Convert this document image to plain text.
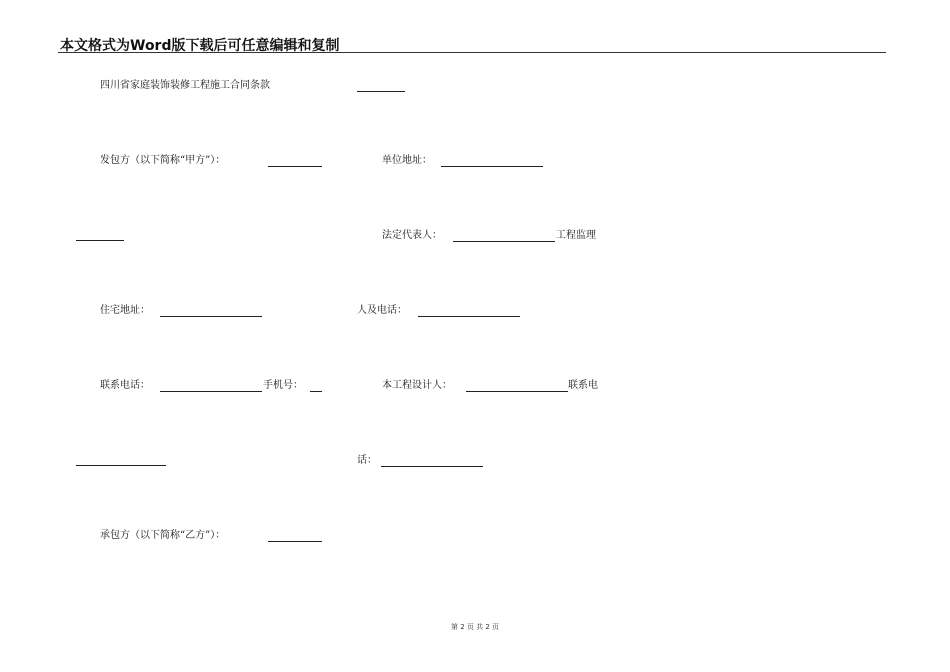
本文格式为Word版下载后可任意编辑和复制
四川省家庭装饰装修工程施工合同条款
发包方（以下简称“甲方”）：
住宅地址：
联系电话：	手机号：
承包方（以下简称“乙方”）：
单位地址：
法定代表人：	工程监理
人及电话：
本工程设计人：	联系电
话：
第 2 页 共 2 页
